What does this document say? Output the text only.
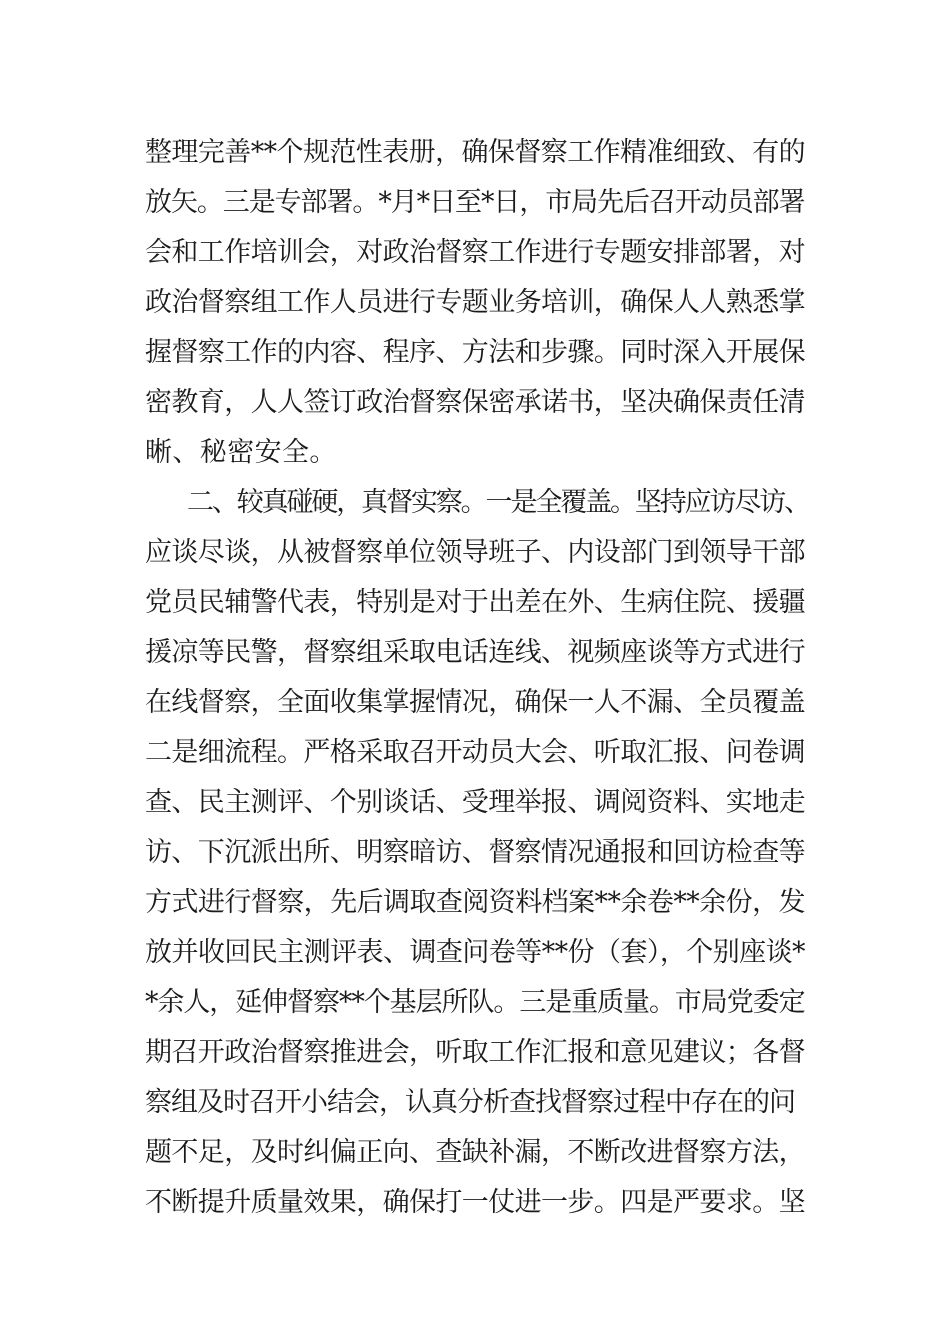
整理完善**个规范性表册，确保督察工作精准细致、有的
放矢。三是专部署。*月*日至*日，市局先后召开动员部署
会和工作培训会，对政治督察工作进行专题安排部署，对
政治督察组工作人员进行专题业务培训，确保人人熟悉掌
握督察工作的内容、程序、方法和步骤。同时深入开展保
密教育，人人签订政治督察保密承诺书，坚决确保责任清
晰、秘密安全。
二、较真碰硬，真督实察。一是全覆盖。坚持应访尽访、
应谈尽谈，从被督察单位领导班子、内设部门到领导干部
党员民辅警代表，特别是对于出差在外、生病住院、援疆
援凉等民警，督察组采取电话连线、视频座谈等方式进行
在线督察，全面收集掌握情况，确保一人不漏、全员覆盖
二是细流程。严格采取召开动员大会、听取汇报、问卷调
查、民主测评、个别谈话、受理举报、调阅资料、实地走
访、下沉派出所、明察暗访、督察情况通报和回访检查等
方式进行督察，先后调取查阅资料档案**余卷**余份，发
放并收回民主测评表、调查问卷等**份（套），个别座谈*
*余人，延伸督察**个基层所队。三是重质量。市局党委定
期召开政治督察推进会，听取工作汇报和意见建议；各督
察组及时召开小结会，认真分析查找督察过程中存在的问
题不足，及时纠偏正向、查缺补漏，不断改进督察方法，
不断提升质量效果，确保打一仗进一步。四是严要求。坚
